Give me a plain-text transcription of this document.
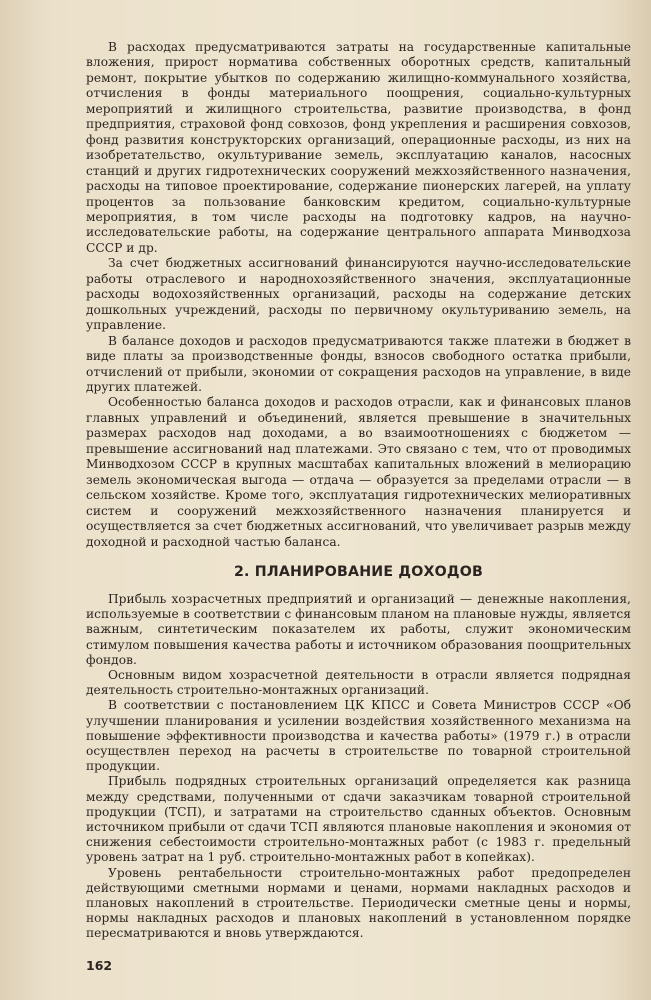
В расходах предусматриваются затраты на государственные капитальные вложения, прирост норматива собственных оборотных средств, капитальный ремонт, покрытие убытков по содержанию жилищно-коммунального хозяйства, отчисления в фонды материального поощрения, социально-культурных мероприятий и жилищного строительства, развитие производства, в фонд предприятия, страховой фонд совхозов, фонд укрепления и расширения совхозов, фонд развития конструкторских организаций, операционные расходы, из них на изобретательство, окультуривание земель, эксплуатацию каналов, насосных станций и других гидротехнических сооружений межхозяйственного назначения, расходы на типовое проектирование, содержание пионерских лагерей, на уплату процентов за пользование банковским кредитом, социально-культурные мероприятия, в том числе расходы на подготовку кадров, на научно-исследовательские работы, на содержание центрального аппарата Минводхоза СССР и др.

За счет бюджетных ассигнований финансируются научно-исследовательские работы отраслевого и народнохозяйственного значения, эксплуатационные расходы водохозяйственных организаций, расходы на содержание детских дошкольных учреждений, расходы по первичному окультуриванию земель, на управление.

В балансе доходов и расходов предусматриваются также платежи в бюджет в виде платы за производственные фонды, взносов свободного остатка прибыли, отчислений от прибыли, экономии от сокращения расходов на управление, в виде других платежей.

Особенностью баланса доходов и расходов отрасли, как и финансовых планов главных управлений и объединений, является превышение в значительных размерах расходов над доходами, а во взаимоотношениях с бюджетом — превышение ассигнований над платежами. Это связано с тем, что от проводимых Минводхозом СССР в крупных масштабах капитальных вложений в мелиорацию земель экономическая выгода — отдача — образуется за пределами отрасли — в сельском хозяйстве. Кроме того, эксплуатация гидротехнических мелиоративных систем и сооружений межхозяйственного назначения планируется и осуществляется за счет бюджетных ассигнований, что увеличивает разрыв между доходной и расходной частью баланса.

2. ПЛАНИРОВАНИЕ ДОХОДОВ

Прибыль хозрасчетных предприятий и организаций — денежные накопления, используемые в соответствии с финансовым планом на плановые нужды, является важным, синтетическим показателем их работы, служит экономическим стимулом повышения качества работы и источником образования поощрительных фондов.

Основным видом хозрасчетной деятельности в отрасли является подрядная деятельность строительно-монтажных организаций.

В соответствии с постановлением ЦК КПСС и Совета Министров СССР «Об улучшении планирования и усилении воздействия хозяйственного механизма на повышение эффективности производства и качества работы» (1979 г.) в отрасли осуществлен переход на расчеты в строительстве по товарной строительной продукции.

Прибыль подрядных строительных организаций определяется как разница между средствами, полученными от сдачи заказчикам товарной строительной продукции (ТСП), и затратами на строительство сданных объектов. Основным источником прибыли от сдачи ТСП являются плановые накопления и экономия от снижения себестоимости строительно-монтажных работ (с 1983 г. предельный уровень затрат на 1 руб. строительно-монтажных работ в копейках).

Уровень рентабельности строительно-монтажных работ предопределен действующими сметными нормами и ценами, нормами накладных расходов и плановых накоплений в строительстве. Периодически сметные цены и нормы, нормы накладных расходов и плановых накоплений в установленном порядке пересматриваются и вновь утверждаются.

162
